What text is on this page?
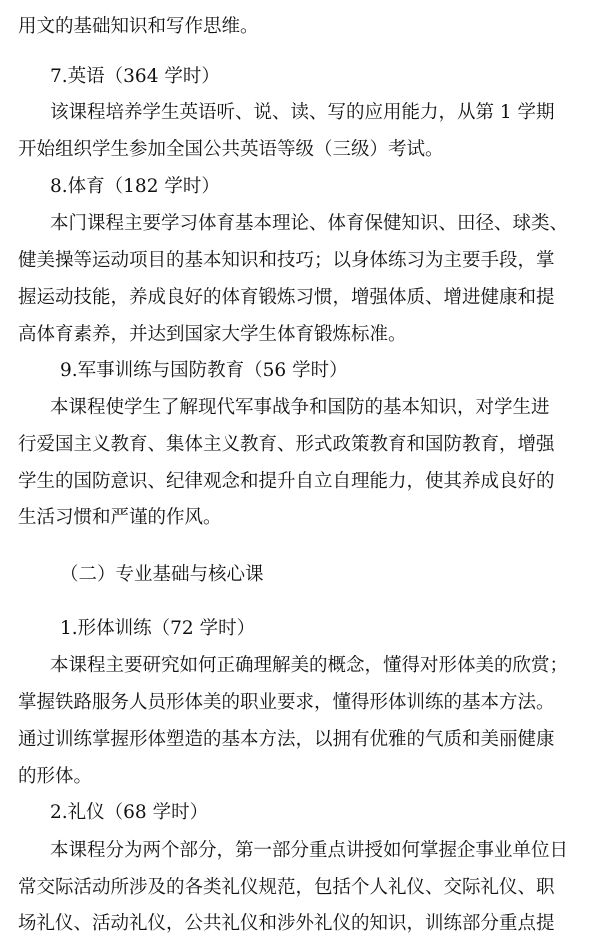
用文的基础知识和写作思维。
7.英语（364 学时）
该课程培养学生英语听、说、读、写的应用能力，从第 1 学期
开始组织学生参加全国公共英语等级（三级）考试。
8.体育（182 学时）
本门课程主要学习体育基本理论、体育保健知识、田径、球类、
健美操等运动项目的基本知识和技巧；以身体练习为主要手段，掌
握运动技能，养成良好的体育锻炼习惯，增强体质、增进健康和提
高体育素养，并达到国家大学生体育锻炼标准。
9.军事训练与国防教育（56 学时）
本课程使学生了解现代军事战争和国防的基本知识，对学生进
行爱国主义教育、集体主义教育、形式政策教育和国防教育，增强
学生的国防意识、纪律观念和提升自立自理能力，使其养成良好的
生活习惯和严谨的作风。
（二）专业基础与核心课
1.形体训练（72 学时）
本课程主要研究如何正确理解美的概念，懂得对形体美的欣赏；
掌握铁路服务人员形体美的职业要求，懂得形体训练的基本方法。
通过训练掌握形体塑造的基本方法，以拥有优雅的气质和美丽健康
的形体。
2.礼仪（68 学时）
本课程分为两个部分，第一部分重点讲授如何掌握企事业单位日
常交际活动所涉及的各类礼仪规范，包括个人礼仪、交际礼仪、职
场礼仪、活动礼仪，公共礼仪和涉外礼仪的知识，训练部分重点提
